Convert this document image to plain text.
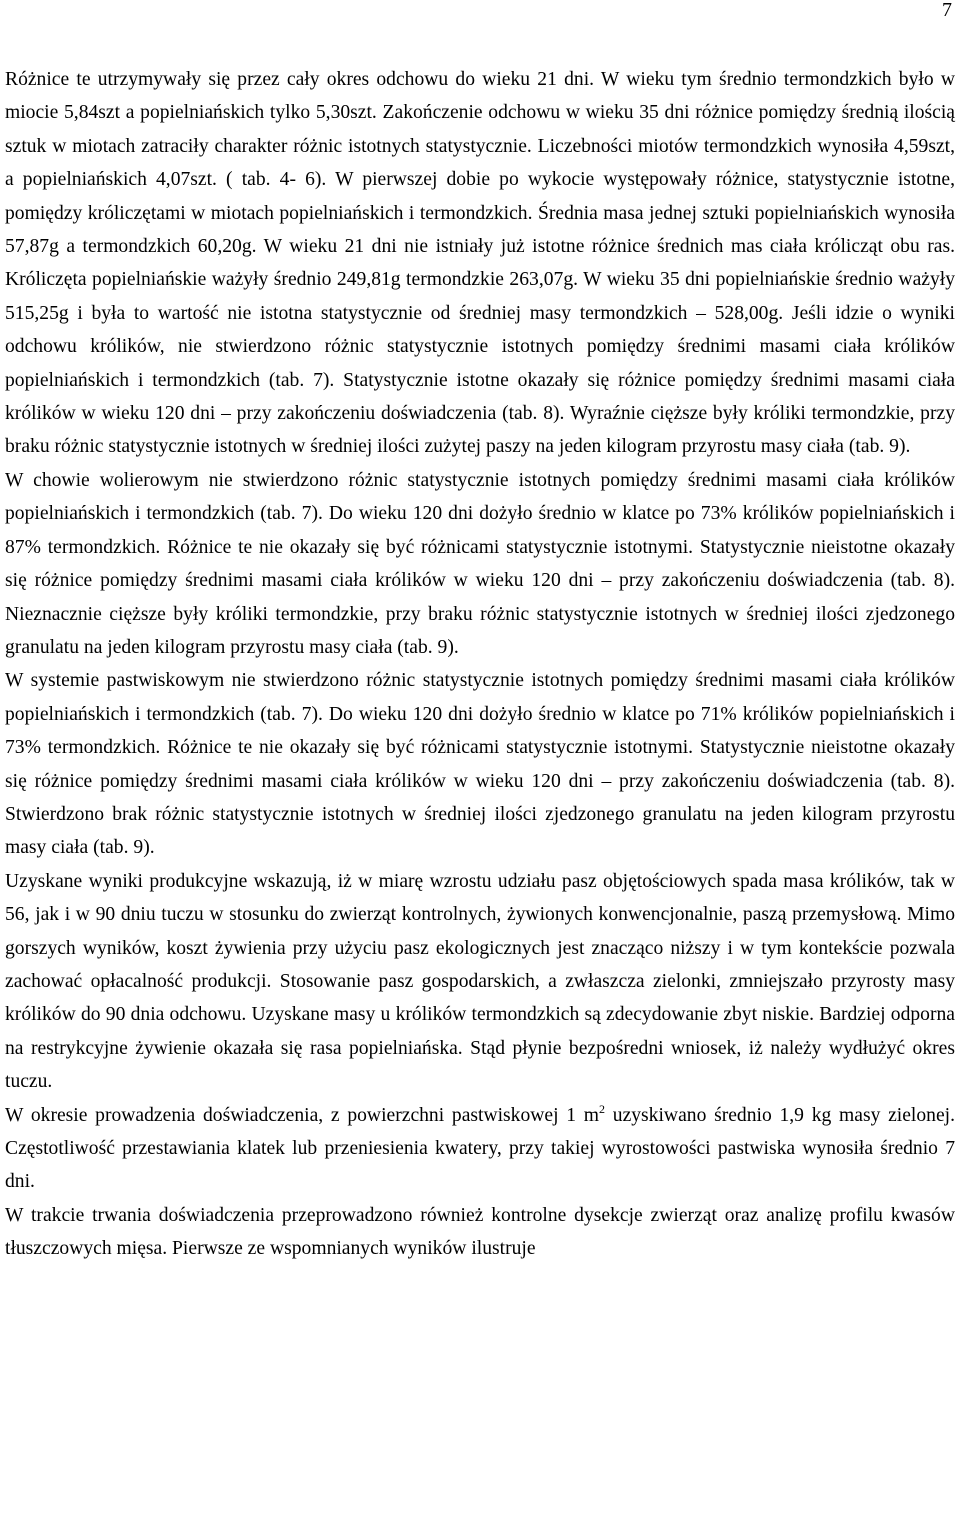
7

Różnice te utrzymywały się przez cały okres odchowu do wieku 21 dni. W wieku tym średnio termondzkich było w miocie 5,84szt a popielniańskich tylko 5,30szt. Zakończenie odchowu w wieku 35 dni różnice pomiędzy średnią ilością sztuk w miotach zatraciły charakter różnic istotnych statystycznie. Liczebności miotów termondzkich wynosiła 4,59szt, a popielniańskich 4,07szt. ( tab. 4- 6). W pierwszej dobie po wykocie występowały różnice, statystycznie istotne, pomiędzy króliczętami w miotach popielniańskich i termondzkich. Średnia masa jednej sztuki popielniańskich wynosiła 57,87g a termondzkich 60,20g. W wieku 21 dni nie istniały już istotne różnice średnich mas ciała królicząt obu ras. Króliczęta popielniańskie ważyły średnio 249,81g termondzkie 263,07g. W wieku 35 dni popielniańskie średnio ważyły 515,25g i była to wartość nie istotna statystycznie od średniej masy termondzkich – 528,00g. Jeśli idzie o wyniki odchowu królików, nie stwierdzono różnic statystycznie istotnych pomiędzy średnimi masami ciała królików popielniańskich i termondzkich (tab. 7). Statystycznie istotne okazały się różnice pomiędzy średnimi masami ciała królików w wieku 120 dni – przy zakończeniu doświadczenia (tab. 8). Wyraźnie cięższe były króliki termondzkie, przy braku różnic statystycznie istotnych w średniej ilości zużytej paszy na jeden kilogram przyrostu masy ciała (tab. 9).

W chowie wolierowym nie stwierdzono różnic statystycznie istotnych pomiędzy średnimi masami ciała królików popielniańskich i termondzkich (tab. 7). Do wieku 120 dni dożyło średnio w klatce po 73% królików popielniańskich i 87% termondzkich. Różnice te nie okazały się być różnicami statystycznie istotnymi. Statystycznie nieistotne okazały się różnice pomiędzy średnimi masami ciała królików w wieku 120 dni – przy zakończeniu doświadczenia (tab. 8). Nieznacznie cięższe były króliki termondzkie, przy braku różnic statystycznie istotnych w średniej ilości zjedzonego granulatu na jeden kilogram przyrostu masy ciała (tab. 9).

W systemie pastwiskowym nie stwierdzono różnic statystycznie istotnych pomiędzy średnimi masami ciała królików popielniańskich i termondzkich (tab. 7). Do wieku 120 dni dożyło średnio w klatce po 71% królików popielniańskich i 73% termondzkich. Różnice te nie okazały się być różnicami statystycznie istotnymi. Statystycznie nieistotne okazały się różnice pomiędzy średnimi masami ciała królików w wieku 120 dni – przy zakończeniu doświadczenia (tab. 8). Stwierdzono brak różnic statystycznie istotnych w średniej ilości zjedzonego granulatu na jeden kilogram przyrostu masy ciała (tab. 9).

Uzyskane wyniki produkcyjne wskazują, iż w miarę wzrostu udziału pasz objętościowych spada masa królików, tak w 56, jak i w 90 dniu tuczu w stosunku do zwierząt kontrolnych, żywionych konwencjonalnie, paszą przemysłową. Mimo gorszych wyników, koszt żywienia przy użyciu pasz ekologicznych jest znacząco niższy i w tym kontekście pozwala zachować opłacalność produkcji. Stosowanie pasz gospodarskich, a zwłaszcza zielonki, zmniejszało przyrosty masy królików do 90 dnia odchowu. Uzyskane masy u królików termondzkich są zdecydowanie zbyt niskie. Bardziej odporna na restrykcyjne żywienie okazała się rasa popielniańska. Stąd płynie bezpośredni wniosek, iż należy wydłużyć okres tuczu.

W okresie prowadzenia doświadczenia, z powierzchni pastwiskowej 1 $m^2$ uzyskiwano średnio 1,9 kg masy zielonej. Częstotliwość przestawiania klatek lub przeniesienia kwatery, przy takiej wyrostowości pastwiska wynosiła średnio 7 dni.

W trakcie trwania doświadczenia przeprowadzono również kontrolne dysekcje zwierząt oraz analizę profilu kwasów tłuszczowych mięsa. Pierwsze ze wspomnianych wyników ilustruje
